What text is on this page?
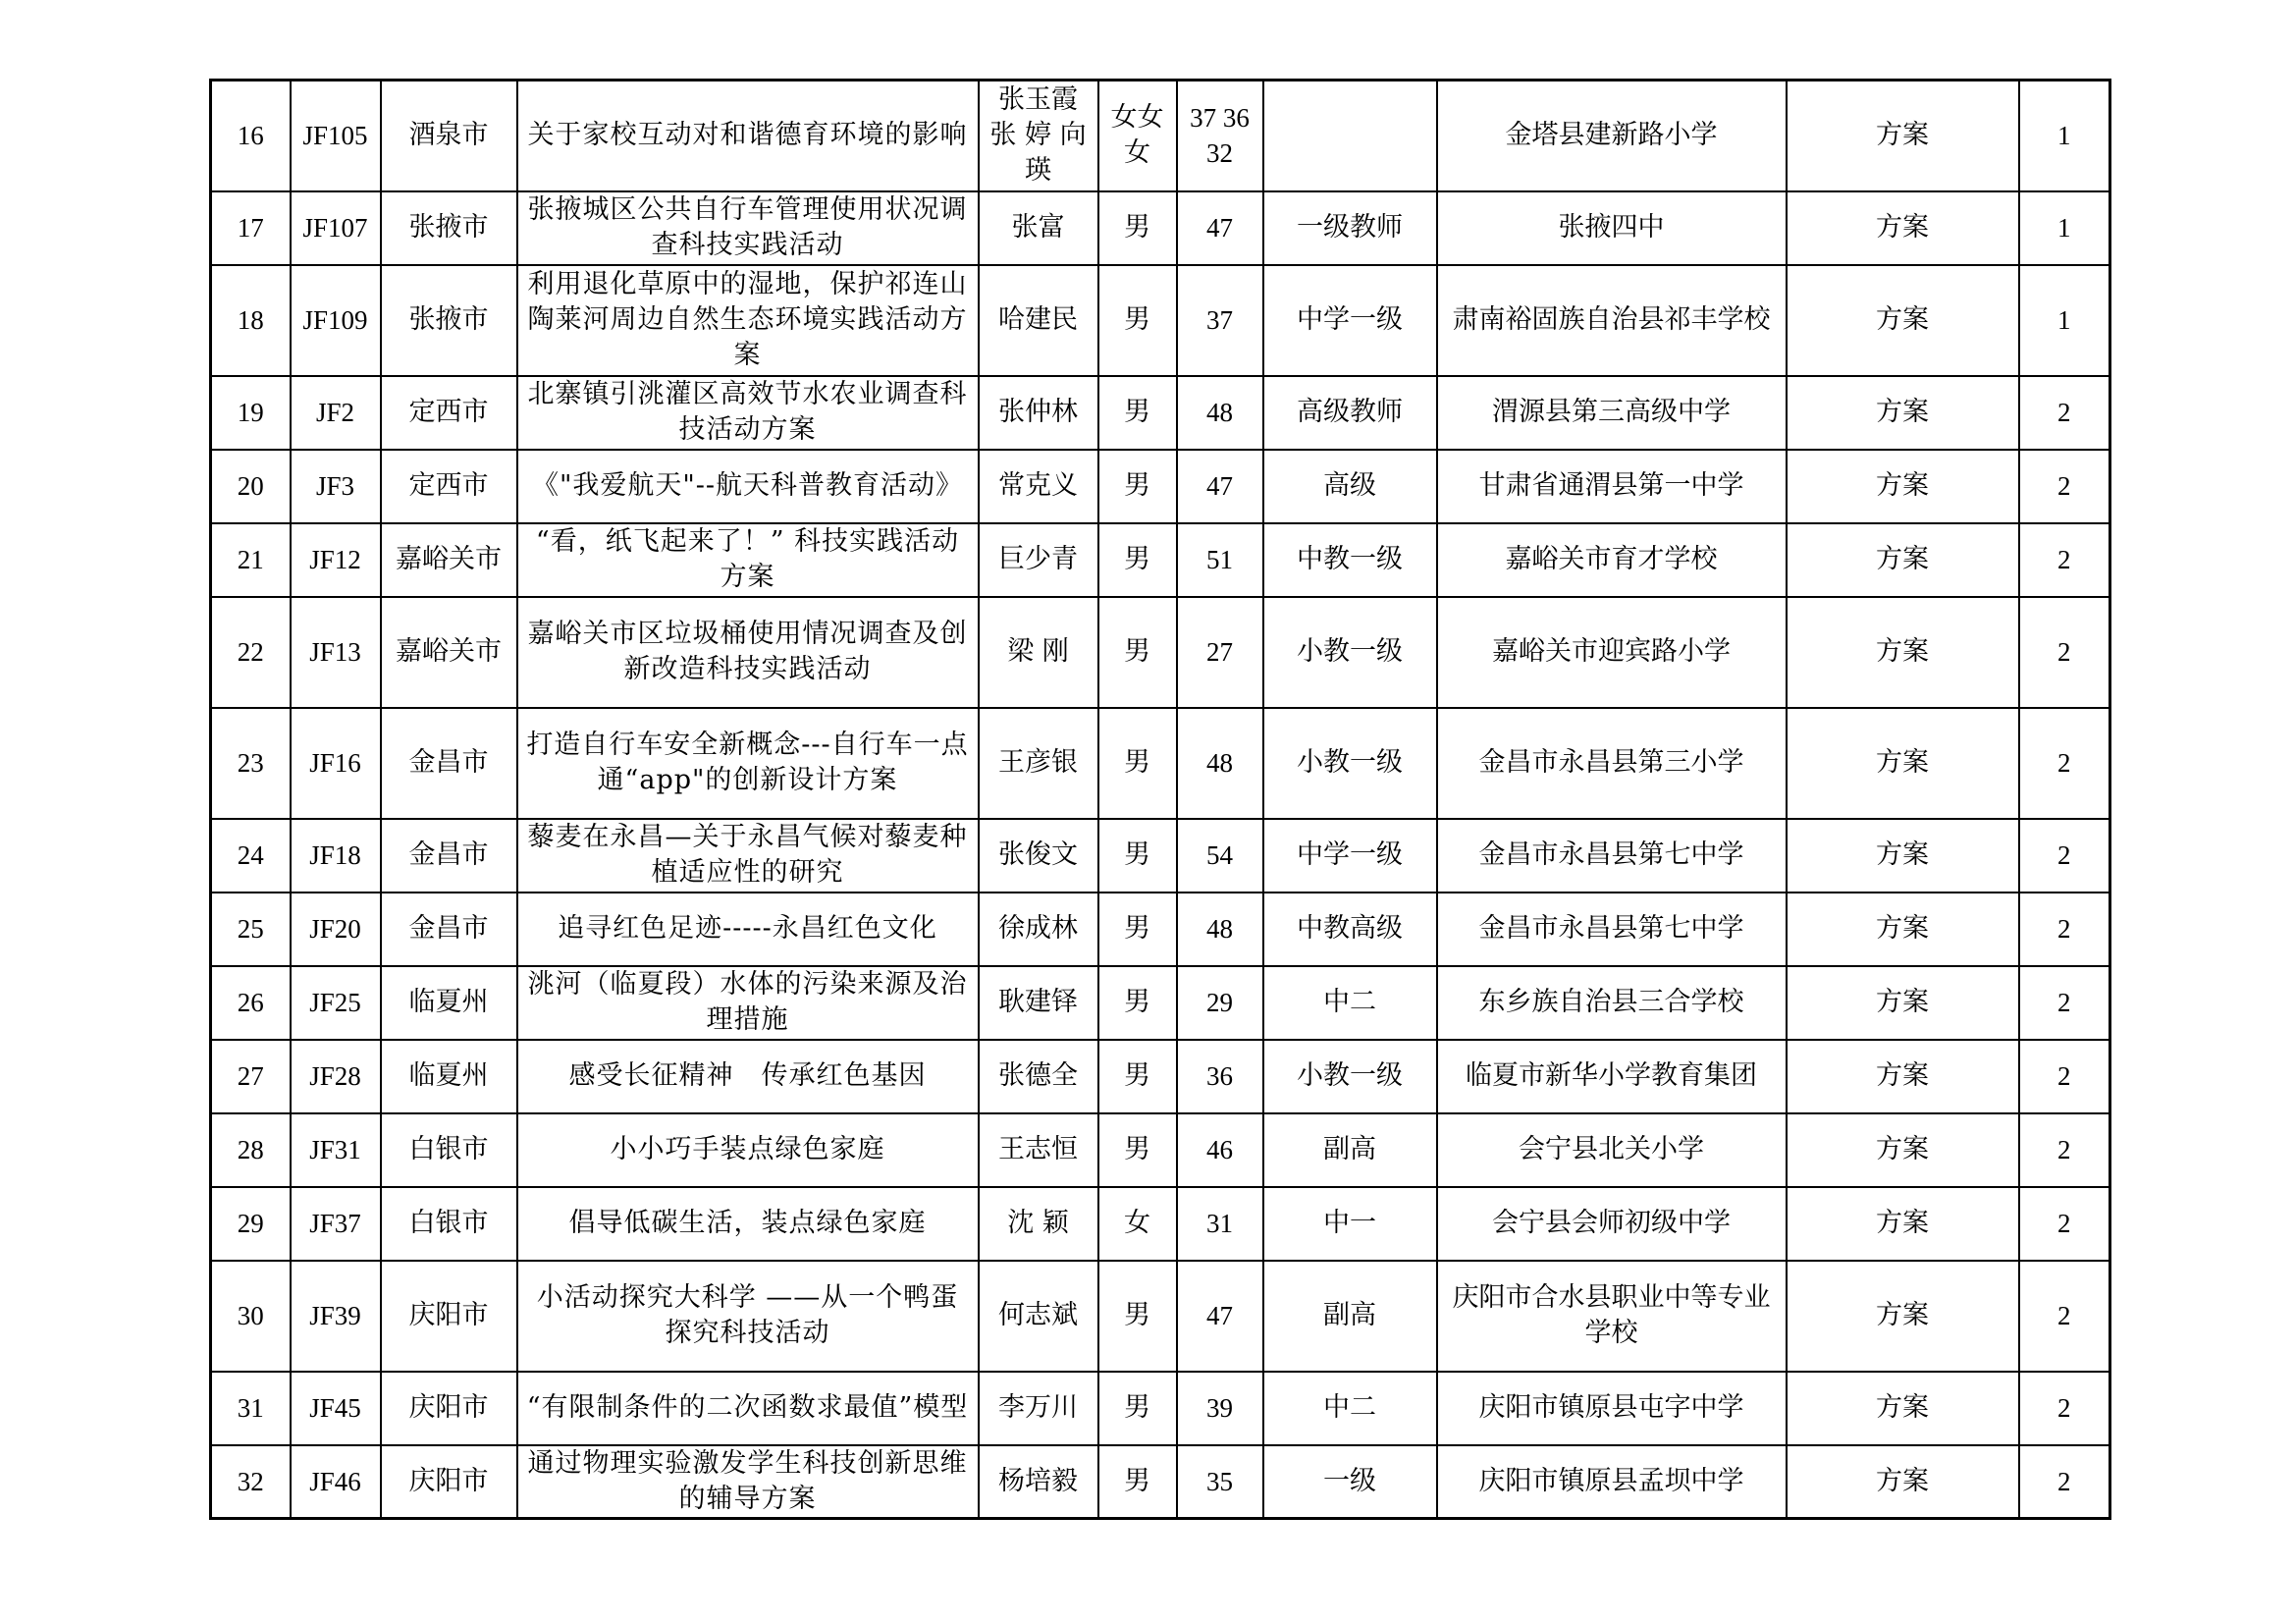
16	JF105	酒泉市	关于家校互动对和谐德育环境的影响	张玉霞 张 婷 向 瑛	女女女	37 36 32		金塔县建新路小学	方案	1
17	JF107	张掖市	张掖城区公共自行车管理使用状况调查科技实践活动	张富	男	47	一级教师	张掖四中	方案	1
18	JF109	张掖市	利用退化草原中的湿地，保护祁连山陶莱河周边自然生态环境实践活动方案	哈建民	男	37	中学一级	肃南裕固族自治县祁丰学校	方案	1
19	JF2	定西市	北寨镇引洮灌区高效节水农业调查科技活动方案	张仲林	男	48	高级教师	渭源县第三高级中学	方案	2
20	JF3	定西市	《"我爱航天"--航天科普教育活动》	常克义	男	47	高级	甘肃省通渭县第一中学	方案	2
21	JF12	嘉峪关市	“看，纸飞起来了！” 科技实践活动方案	巨少青	男	51	中教一级	嘉峪关市育才学校	方案	2
22	JF13	嘉峪关市	嘉峪关市区垃圾桶使用情况调查及创新改造科技实践活动	梁 刚	男	27	小教一级	嘉峪关市迎宾路小学	方案	2
23	JF16	金昌市	打造自行车安全新概念---自行车一点通“app"的创新设计方案	王彦银	男	48	小教一级	金昌市永昌县第三小学	方案	2
24	JF18	金昌市	藜麦在永昌—关于永昌气候对藜麦种植适应性的研究	张俊文	男	54	中学一级	金昌市永昌县第七中学	方案	2
25	JF20	金昌市	追寻红色足迹-----永昌红色文化	徐成林	男	48	中教高级	金昌市永昌县第七中学	方案	2
26	JF25	临夏州	洮河（临夏段）水体的污染来源及治理措施	耿建铎	男	29	中二	东乡族自治县三合学校	方案	2
27	JF28	临夏州	感受长征精神　传承红色基因	张德全	男	36	小教一级	临夏市新华小学教育集团	方案	2
28	JF31	白银市	小小巧手装点绿色家庭	王志恒	男	46	副高	会宁县北关小学	方案	2
29	JF37	白银市	倡导低碳生活，装点绿色家庭	沈 颖	女	31	中一	会宁县会师初级中学	方案	2
30	JF39	庆阳市	小活动探究大科学 ——从一个鸭蛋探究科技活动	何志斌	男	47	副高	庆阳市合水县职业中等专业学校	方案	2
31	JF45	庆阳市	“有限制条件的二次函数求最值”模型	李万川	男	39	中二	庆阳市镇原县屯字中学	方案	2
32	JF46	庆阳市	通过物理实验激发学生科技创新思维的辅导方案	杨培毅	男	35	一级	庆阳市镇原县孟坝中学	方案	2
